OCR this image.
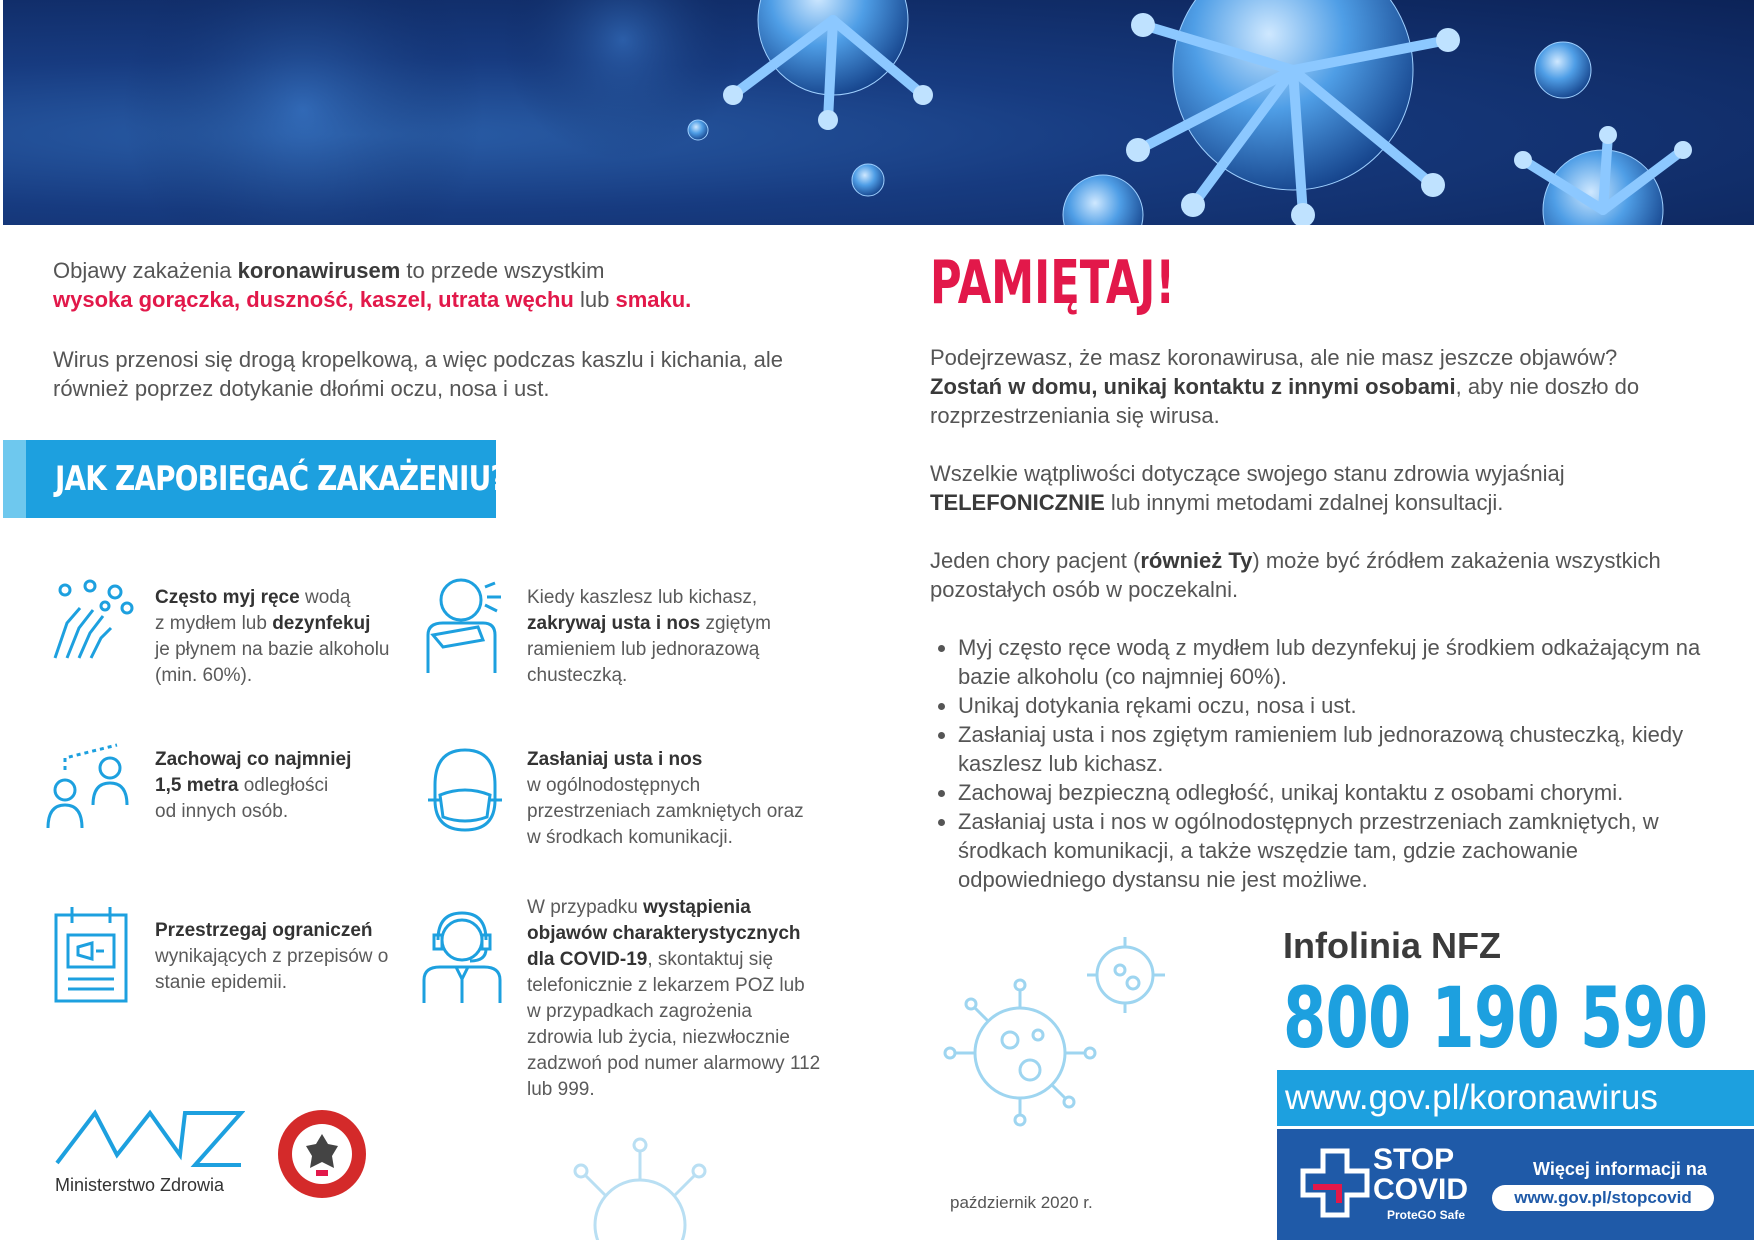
Objawy zakażenia koronawirusem to przede wszystkim
wysoka gorączka, duszność, kaszel, utrata węchu lub smaku.

Wirus przenosi się drogą kropelkową, a więc podczas kaszlu i kichania, ale również poprzez dotykanie dłońmi oczu, nosa i ust.

JAK ZAPOBIEGAĆ ZAKAŻENIU?
Często myj ręce wodą
z mydłem lub dezynfekuj
je płynem na bazie alkoholu (min. 60%).
Kiedy kaszlesz lub kichasz, zakrywaj usta i nos zgiętym ramieniem lub jednorazową chusteczką.
Zachowaj co najmniej
1,5 metra odległości
od innych osób.
Zasłaniaj usta i nos
w ogólnodostępnych przestrzeniach zamkniętych oraz w środkach komunikacji.
Przestrzegaj ograniczeń
wynikających z przepisów o stanie epidemii.
W przypadku wystąpienia objawów charakterystycznych dla COVID-19, skontaktuj się telefonicznie z lekarzem POZ lub w przypadkach zagrożenia zdrowia lub życia, niezwłocznie zadzwoń pod numer alarmowy 112 lub 999.
Ministerstwo Zdrowia
PAMIĘTAJ!

Podejrzewasz, że masz koronawirusa, ale nie masz jeszcze objawów?
Zostań w domu, unikaj kontaktu z innymi osobami, aby nie doszło do rozprzestrzeniania się wirusa.

Wszelkie wątpliwości dotyczące swojego stanu zdrowia wyjaśniaj
TELEFONICZNIE lub innymi metodami zdalnej konsultacji.

Jeden chory pacjent (również Ty) może być źródłem zakażenia wszystkich pozostałych osób w poczekalni.

• Myj często ręce wodą z mydłem lub dezynfekuj je środkiem odkażającym na bazie alkoholu (co najmniej 60%).
• Unikaj dotykania rękami oczu, nosa i ust.
• Zasłaniaj usta i nos zgiętym ramieniem lub jednorazową chusteczką, kiedy kaszlesz lub kichasz.
• Zachowaj bezpieczną odległość, unikaj kontaktu z osobami chorymi.
• Zasłaniaj usta i nos w ogólnodostępnych przestrzeniach zamkniętych, w środkach komunikacji, a także wszędzie tam, gdzie zachowanie odpowiedniego dystansu nie jest możliwe.
Infolinia NFZ
800 190 590
www.gov.pl/koronawirus
STOP
COVID
ProteGO Safe
Więcej informacji na
www.gov.pl/stopcovid
październik 2020 r.
